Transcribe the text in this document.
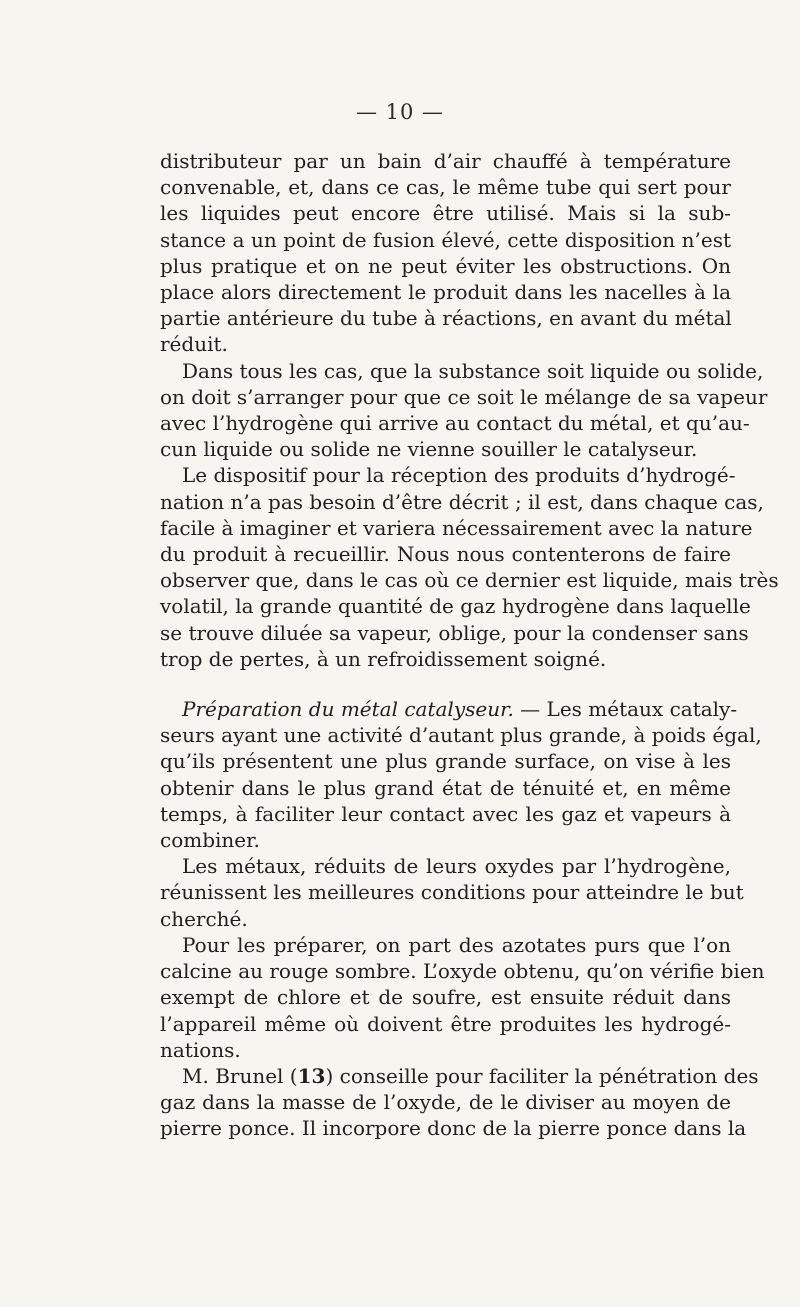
— 10 —

distributeur par un bain d’air chauffé à température
convenable, et, dans ce cas, le même tube qui sert pour
les liquides peut encore être utilisé. Mais si la sub-
stance a un point de fusion élevé, cette disposition n’est
plus pratique et on ne peut éviter les obstructions. On
place alors directement le produit dans les nacelles à la
partie antérieure du tube à réactions, en avant du métal
réduit.

Dans tous les cas, que la substance soit liquide ou solide,
on doit s’arranger pour que ce soit le mélange de sa vapeur
avec l’hydrogène qui arrive au contact du métal, et qu’au-
cun liquide ou solide ne vienne souiller le catalyseur.

Le dispositif pour la réception des produits d’hydrogé-
nation n’a pas besoin d’être décrit ; il est, dans chaque cas,
facile à imaginer et variera nécessairement avec la nature
du produit à recueillir. Nous nous contenterons de faire
observer que, dans le cas où ce dernier est liquide, mais très
volatil, la grande quantité de gaz hydrogène dans laquelle
se trouve diluée sa vapeur, oblige, pour la condenser sans
trop de pertes, à un refroidissement soigné.

Préparation du métal catalyseur. — Les métaux cataly-
seurs ayant une activité d’autant plus grande, à poids égal,
qu’ils présentent une plus grande surface, on vise à les
obtenir dans le plus grand état de ténuité et, en même
temps, à faciliter leur contact avec les gaz et vapeurs à
combiner.

Les métaux, réduits de leurs oxydes par l’hydrogène,
réunissent les meilleures conditions pour atteindre le but
cherché.

Pour les préparer, on part des azotates purs que l’on
calcine au rouge sombre. L’oxyde obtenu, qu’on vérifie bien
exempt de chlore et de soufre, est ensuite réduit dans
l’appareil même où doivent être produites les hydrogé-
nations.

M. Brunel (13) conseille pour faciliter la pénétration des
gaz dans la masse de l’oxyde, de le diviser au moyen de
pierre ponce. Il incorpore donc de la pierre ponce dans la
